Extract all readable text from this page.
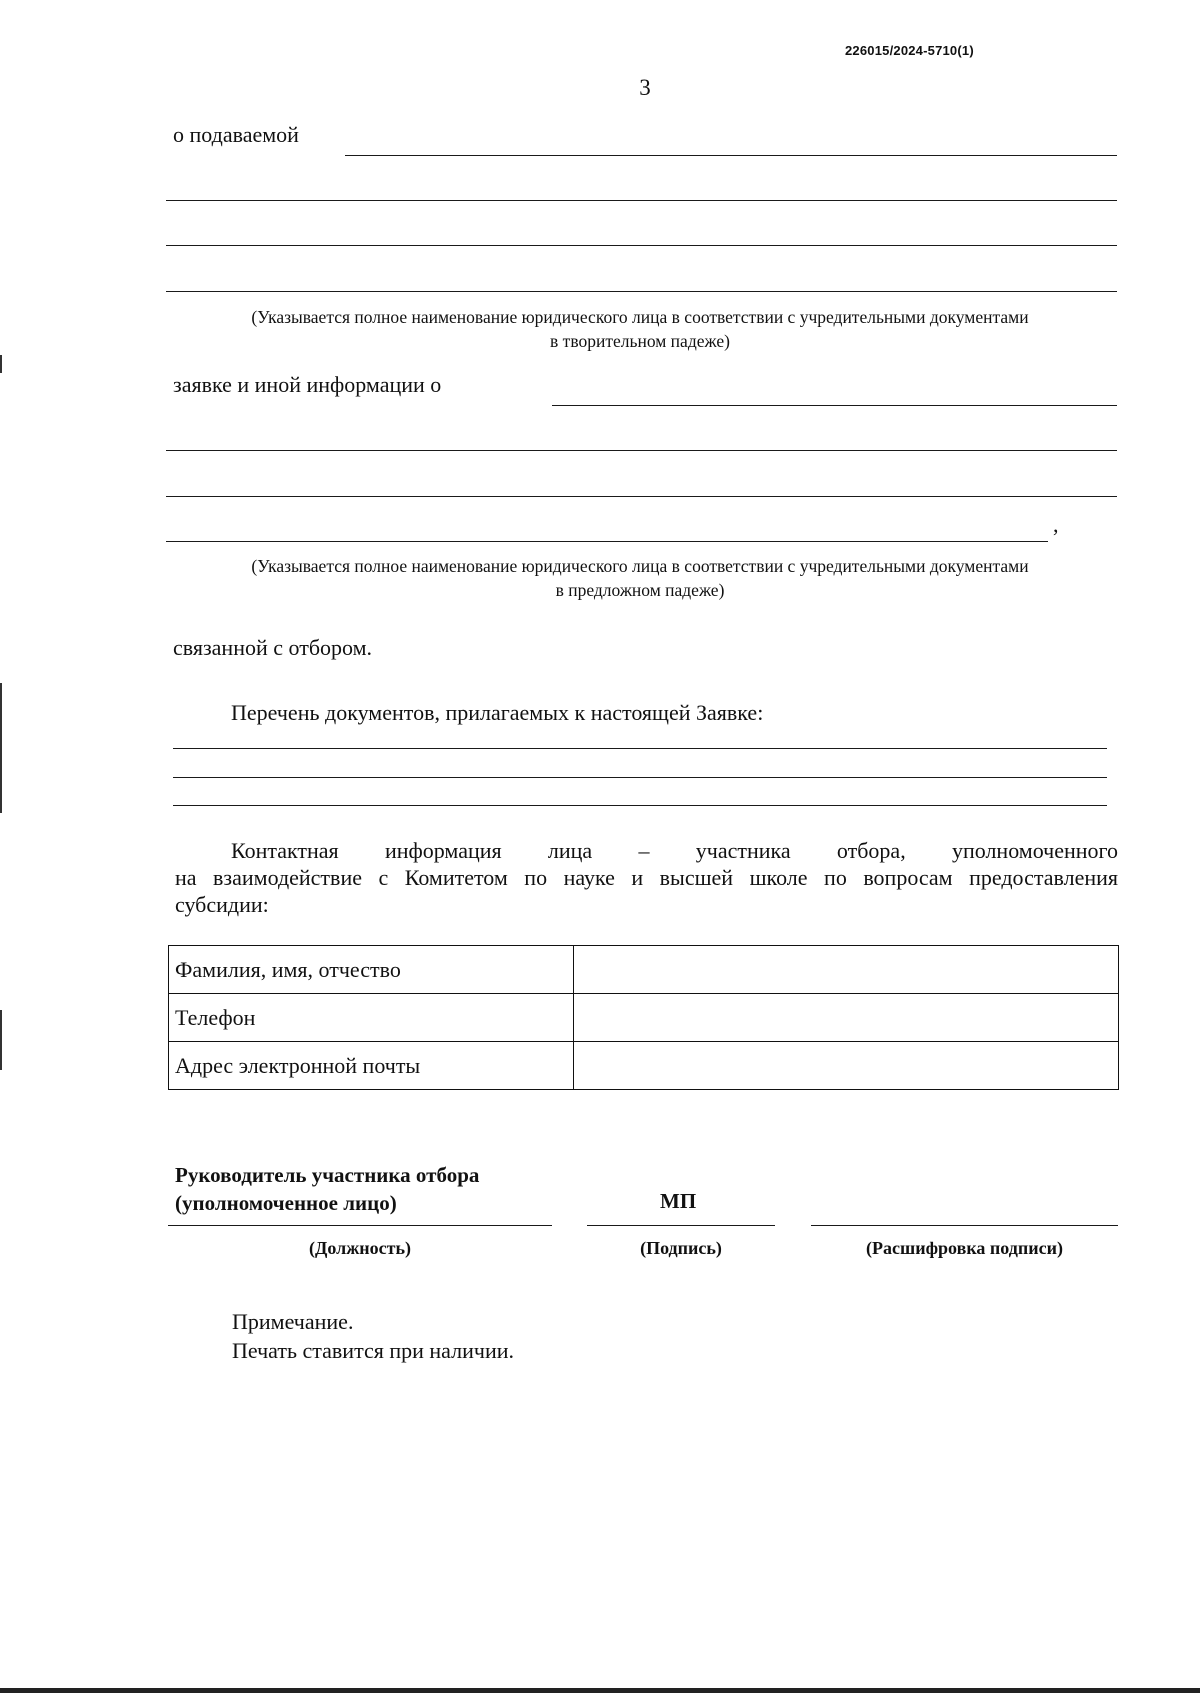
226015/2024-5710(1)
3
о подаваемой
(Указывается полное наименование юридического лица в соответствии с учредительными документами
в творительном падеже)
заявке и иной информации о
,
(Указывается полное наименование юридического лица в соответствии с учредительными документами
в предложном падеже)
связанной с отбором.
Перечень документов, прилагаемых к настоящей Заявке:
Контактная информация лица – участника отбора, уполномоченного
на взаимодействие с Комитетом по науке и высшей школе по вопросам предоставления
субсидии:
Фамилия, имя, отчество	
Телефон	
Адрес электронной почты	
Руководитель участника отбора
(уполномоченное лицо)	МП
(Должность)	(Подпись)	(Расшифровка подписи)
Примечание.
Печать ставится при наличии.
